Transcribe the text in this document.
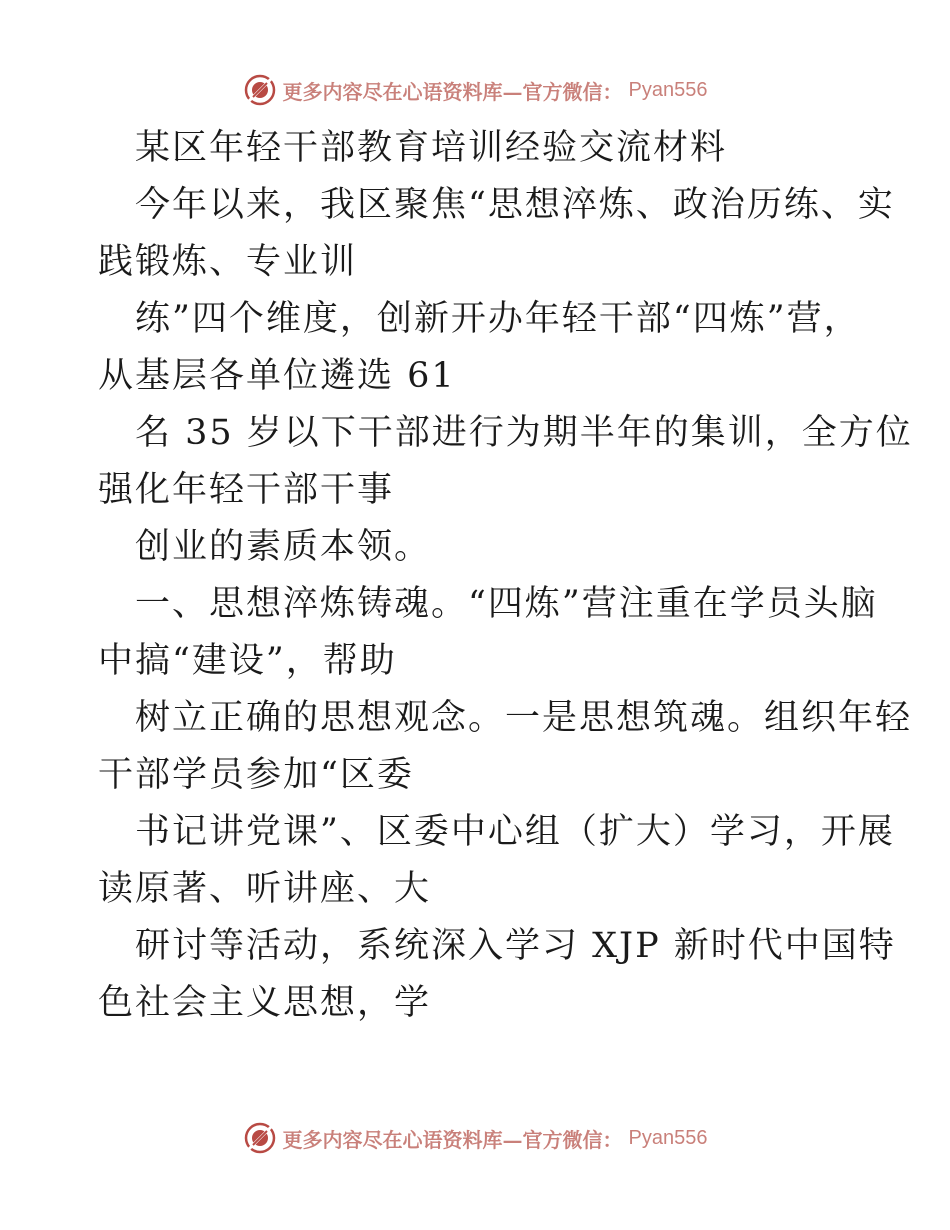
更多内容尽在心语资料库—官方微信： Pyan556

某区年轻干部教育培训经验交流材料

今年以来，我区聚焦“思想淬炼、政治历练、实

践锻炼、专业训

练”四个维度，创新开办年轻干部“四炼”营，

从基层各单位遴选 61

名 35 岁以下干部进行为期半年的集训，全方位

强化年轻干部干事

创业的素质本领。

一、思想淬炼铸魂。“四炼”营注重在学员头脑

中搞“建设”，帮助

树立正确的思想观念。一是思想筑魂。组织年轻

干部学员参加“区委

书记讲党课”、区委中心组（扩大）学习，开展

读原著、听讲座、大

研讨等活动，系统深入学习 XJP 新时代中国特

色社会主义思想，学

更多内容尽在心语资料库—官方微信： Pyan556
